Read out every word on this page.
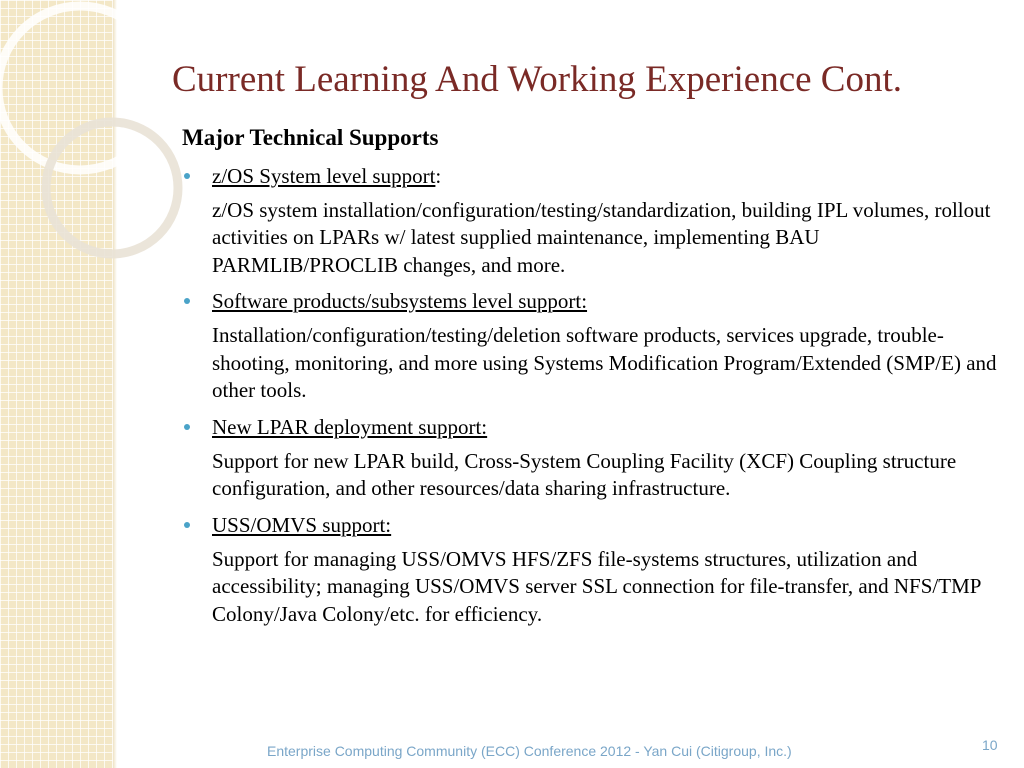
Current Learning And Working Experience Cont.
Major Technical Supports
z/OS System level support:
z/OS system installation/configuration/testing/standardization, building IPL volumes, rollout activities on LPARs w/ latest supplied maintenance, implementing BAU PARMLIB/PROCLIB changes, and more.
Software products/subsystems level support:
Installation/configuration/testing/deletion software products, services upgrade, trouble-shooting, monitoring, and more using Systems Modification Program/Extended (SMP/E) and other tools.
New LPAR deployment support:
Support for new LPAR build, Cross-System Coupling Facility (XCF) Coupling structure configuration, and other resources/data sharing infrastructure.
USS/OMVS support:
Support for managing USS/OMVS HFS/ZFS file-systems structures, utilization and accessibility; managing USS/OMVS server SSL connection for file-transfer, and NFS/TMP Colony/Java Colony/etc. for efficiency.
Enterprise Computing Community (ECC) Conference 2012 - Yan Cui (Citigroup, Inc.)	10
